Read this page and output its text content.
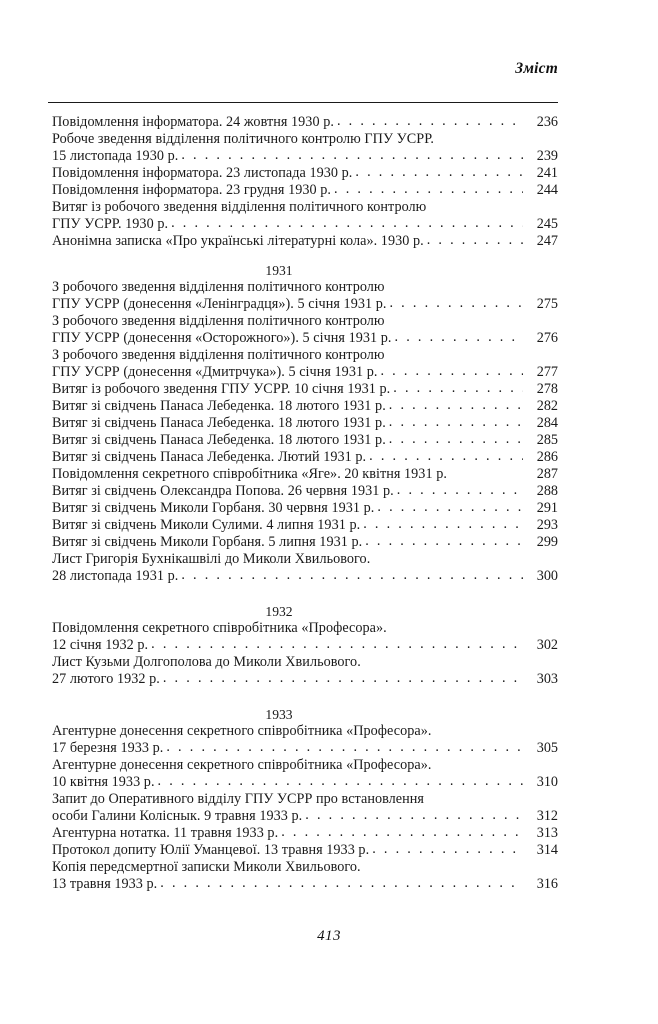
Зміст
Повідомлення інформатора. 24 жовтня 1930 р. . . .	236
Робоче зведення відділення політичного контролю ГПУ УСРР.
15 листопада 1930 р. . . .	239
Повідомлення інформатора. 23 листопада 1930 р. . . .	241
Повідомлення інформатора. 23 грудня 1930 р. . . .	244
Витяг із робочого зведення відділення політичного контролю
ГПУ УСРР. 1930 р. . . .	245
Анонімна записка «Про українські літературні кола». 1930 р. . . .	247
1931
З робочого зведення відділення політичного контролю
ГПУ УСРР (донесення «Ленінградця»). 5 січня 1931 р. . . .	275
З робочого зведення відділення політичного контролю
ГПУ УСРР (донесення «Осторожного»). 5 січня 1931 р. . . .	276
З робочого зведення відділення політичного контролю
ГПУ УСРР (донесення «Дмитрчука»). 5 січня 1931 р. . . .	277
Витяг із робочого зведення ГПУ УСРР. 10 січня 1931 р. . . .	278
Витяг зі свідчень Панаса Лебеденка. 18 лютого 1931 р. . . .	282
Витяг зі свідчень Панаса Лебеденка. 18 лютого 1931 р. . . .	284
Витяг зі свідчень Панаса Лебеденка. 18 лютого 1931 р. . . .	285
Витяг зі свідчень Панаса Лебеденка. Лютий 1931 р. . . .	286
Повідомлення секретного співробітника «Яге». 20 квітня 1931 р.	287
Витяг зі свідчень Олександра Попова. 26 червня 1931 р. . . .	288
Витяг зі свідчень Миколи Горбаня. 30 червня 1931 р. . . .	291
Витяг зі свідчень Миколи Сулими. 4 липня 1931 р. . . .	293
Витяг зі свідчень Миколи Горбаня. 5 липня 1931 р. . . .	299
Лист Григорія Бухнікашвілі до Миколи Хвильового.
28 листопада 1931 р. . . .	300
1932
Повідомлення секретного співробітника «Професора».
12 січня 1932 р. . . .	302
Лист Кузьми Долгополова до Миколи Хвильового.
27 лютого 1932 р. . . .	303
1933
Агентурне донесення секретного співробітника «Професора».
17 березня 1933 р. . . .	305
Агентурне донесення секретного співробітника «Професора».
10 квітня 1933 р. . . .	310
Запит до Оперативного відділу ГПУ УСРР про встановлення
особи Галини Коліснык. 9 травня 1933 р. . . .	312
Агентурна нотатка. 11 травня 1933 р. . . .	313
Протокол допиту Юлії Уманцевої. 13 травня 1933 р. . . .	314
Копія передсмертної записки Миколи Хвильового.
13 травня 1933 р. . . .	316
413
